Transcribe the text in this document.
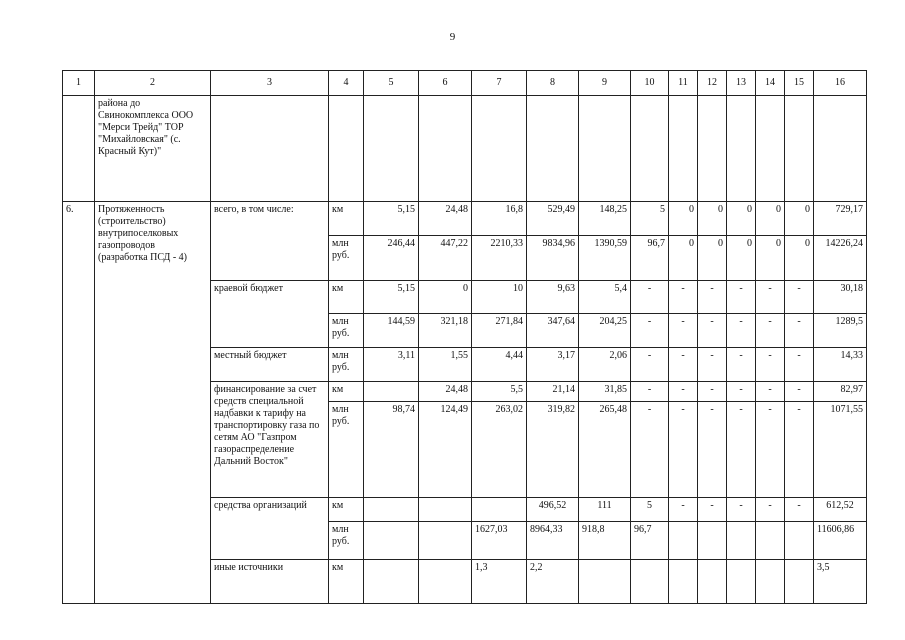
9
1	2	3	4	5	6	7	8	9	10	11	12	13	14	15	16
	района до Свинокомплекса ООО "Мерси Трейд" ТОР "Михайловская" (с. Красный Кут)"														
6.	Протяженность (строительство) внутрипоселковых газопроводов (разработка ПСД - 4)	всего, в том числе:	км	5,15	24,48	16,8	529,49	148,25	5	0	0	0	0	0	729,17
			млн руб.	246,44	447,22	2210,33	9834,96	1390,59	96,7	0	0	0	0	0	14226,24
		краевой бюджет	км	5,15	0	10	9,63	5,4	-	-	-	-	-	-	30,18
			млн руб.	144,59	321,18	271,84	347,64	204,25	-	-	-	-	-	-	1289,5
		местный бюджет	млн руб.	3,11	1,55	4,44	3,17	2,06	-	-	-	-	-	-	14,33
		финансирование за счет средств специальной надбавки к тарифу на транспортировку газа по сетям АО "Газпром газораспределение Дальний Восток"	км		24,48	5,5	21,14	31,85	-	-	-	-	-	-	82,97
			млн руб.	98,74	124,49	263,02	319,82	265,48	-	-	-	-	-	-	1071,55
		средства организаций	км				496,52	111	5	-	-	-	-	-	612,52
			млн руб.			1627,03	8964,33	918,8	96,7						11606,86
		иные источники	км			1,3	2,2								3,5
